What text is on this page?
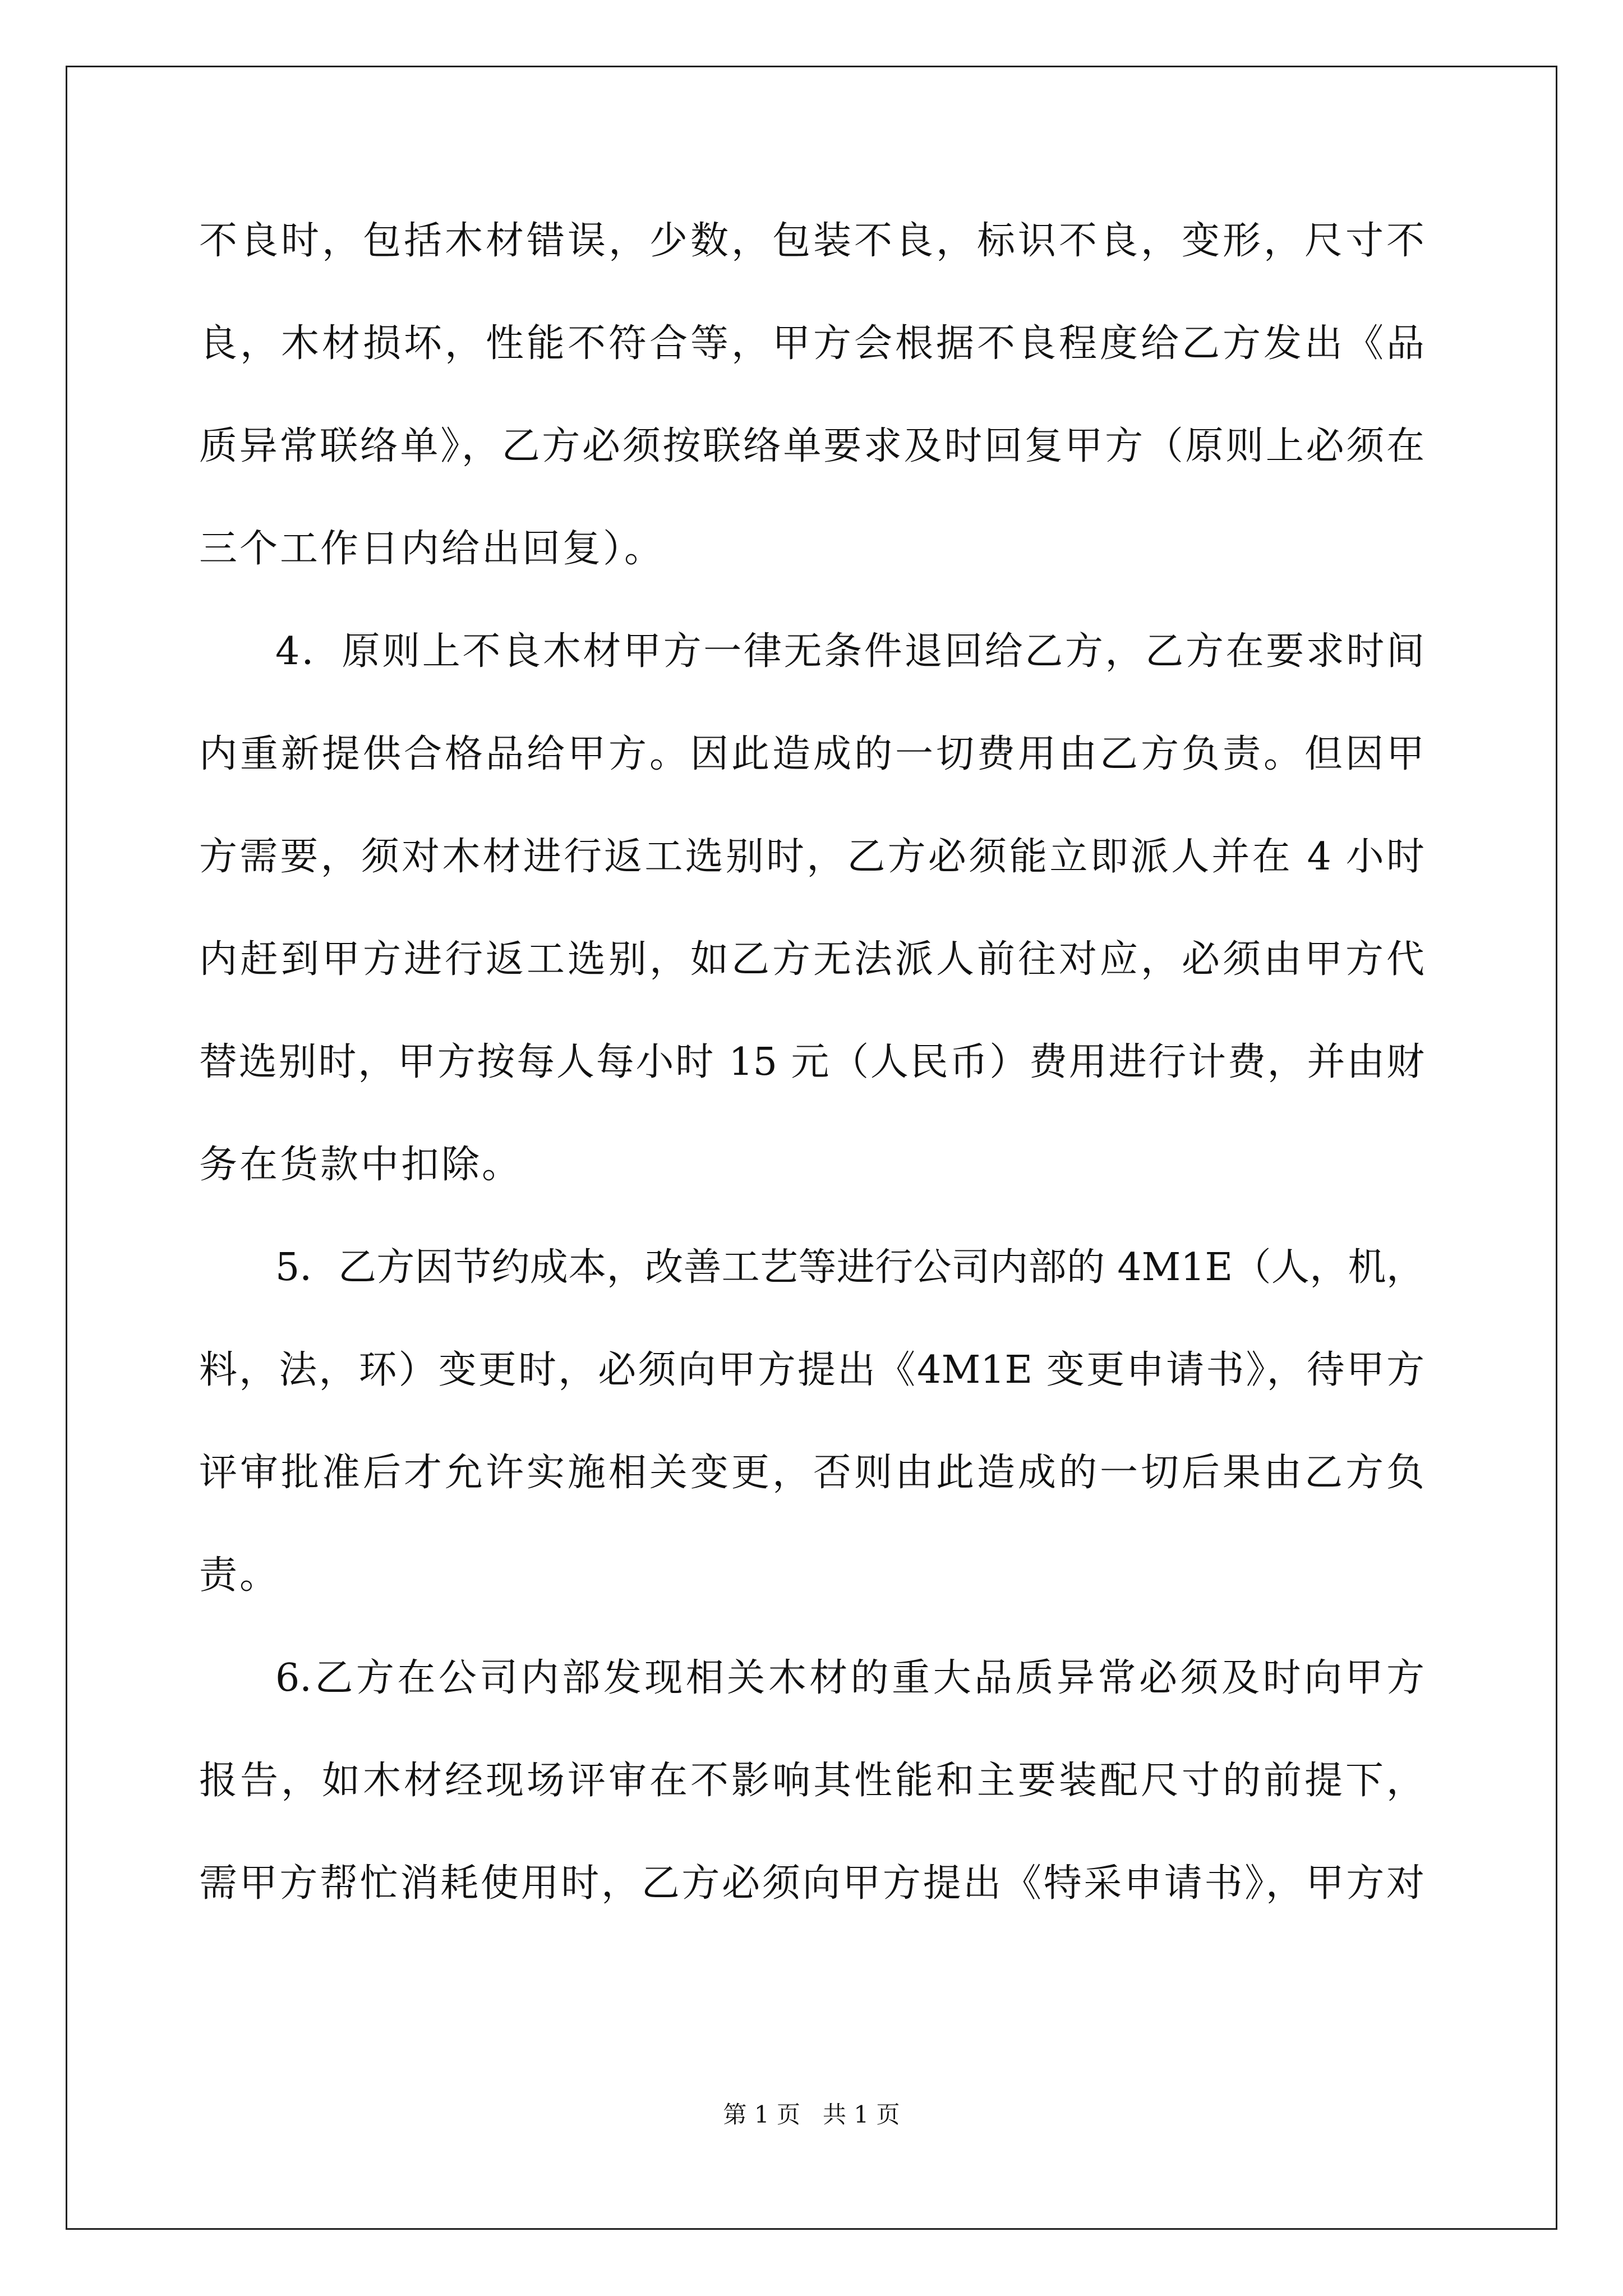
不良时，包括木材错误，少数，包装不良，标识不良，变形，尺寸不
良，木材损坏，性能不符合等，甲方会根据不良程度给乙方发出《品
质异常联络单》，乙方必须按联络单要求及时回复甲方（原则上必须在
三个工作日内给出回复）。
4．原则上不良木材甲方一律无条件退回给乙方，乙方在要求时间
内重新提供合格品给甲方。因此造成的一切费用由乙方负责。但因甲
方需要，须对木材进行返工选别时，乙方必须能立即派人并在 4 小时
内赶到甲方进行返工选别，如乙方无法派人前往对应，必须由甲方代
替选别时，甲方按每人每小时 15 元（人民币）费用进行计费，并由财
务在货款中扣除。
5．乙方因节约成本，改善工艺等进行公司内部的 4M1E（人，机，
料，法，环）变更时，必须向甲方提出《4M1E 变更申请书》，待甲方
评审批准后才允许实施相关变更，否则由此造成的一切后果由乙方负
责。
6.乙方在公司内部发现相关木材的重大品质异常必须及时向甲方
报告，如木材经现场评审在不影响其性能和主要装配尺寸的前提下，
需甲方帮忙消耗使用时，乙方必须向甲方提出《特采申请书》，甲方对
第 1 页   共 1 页
